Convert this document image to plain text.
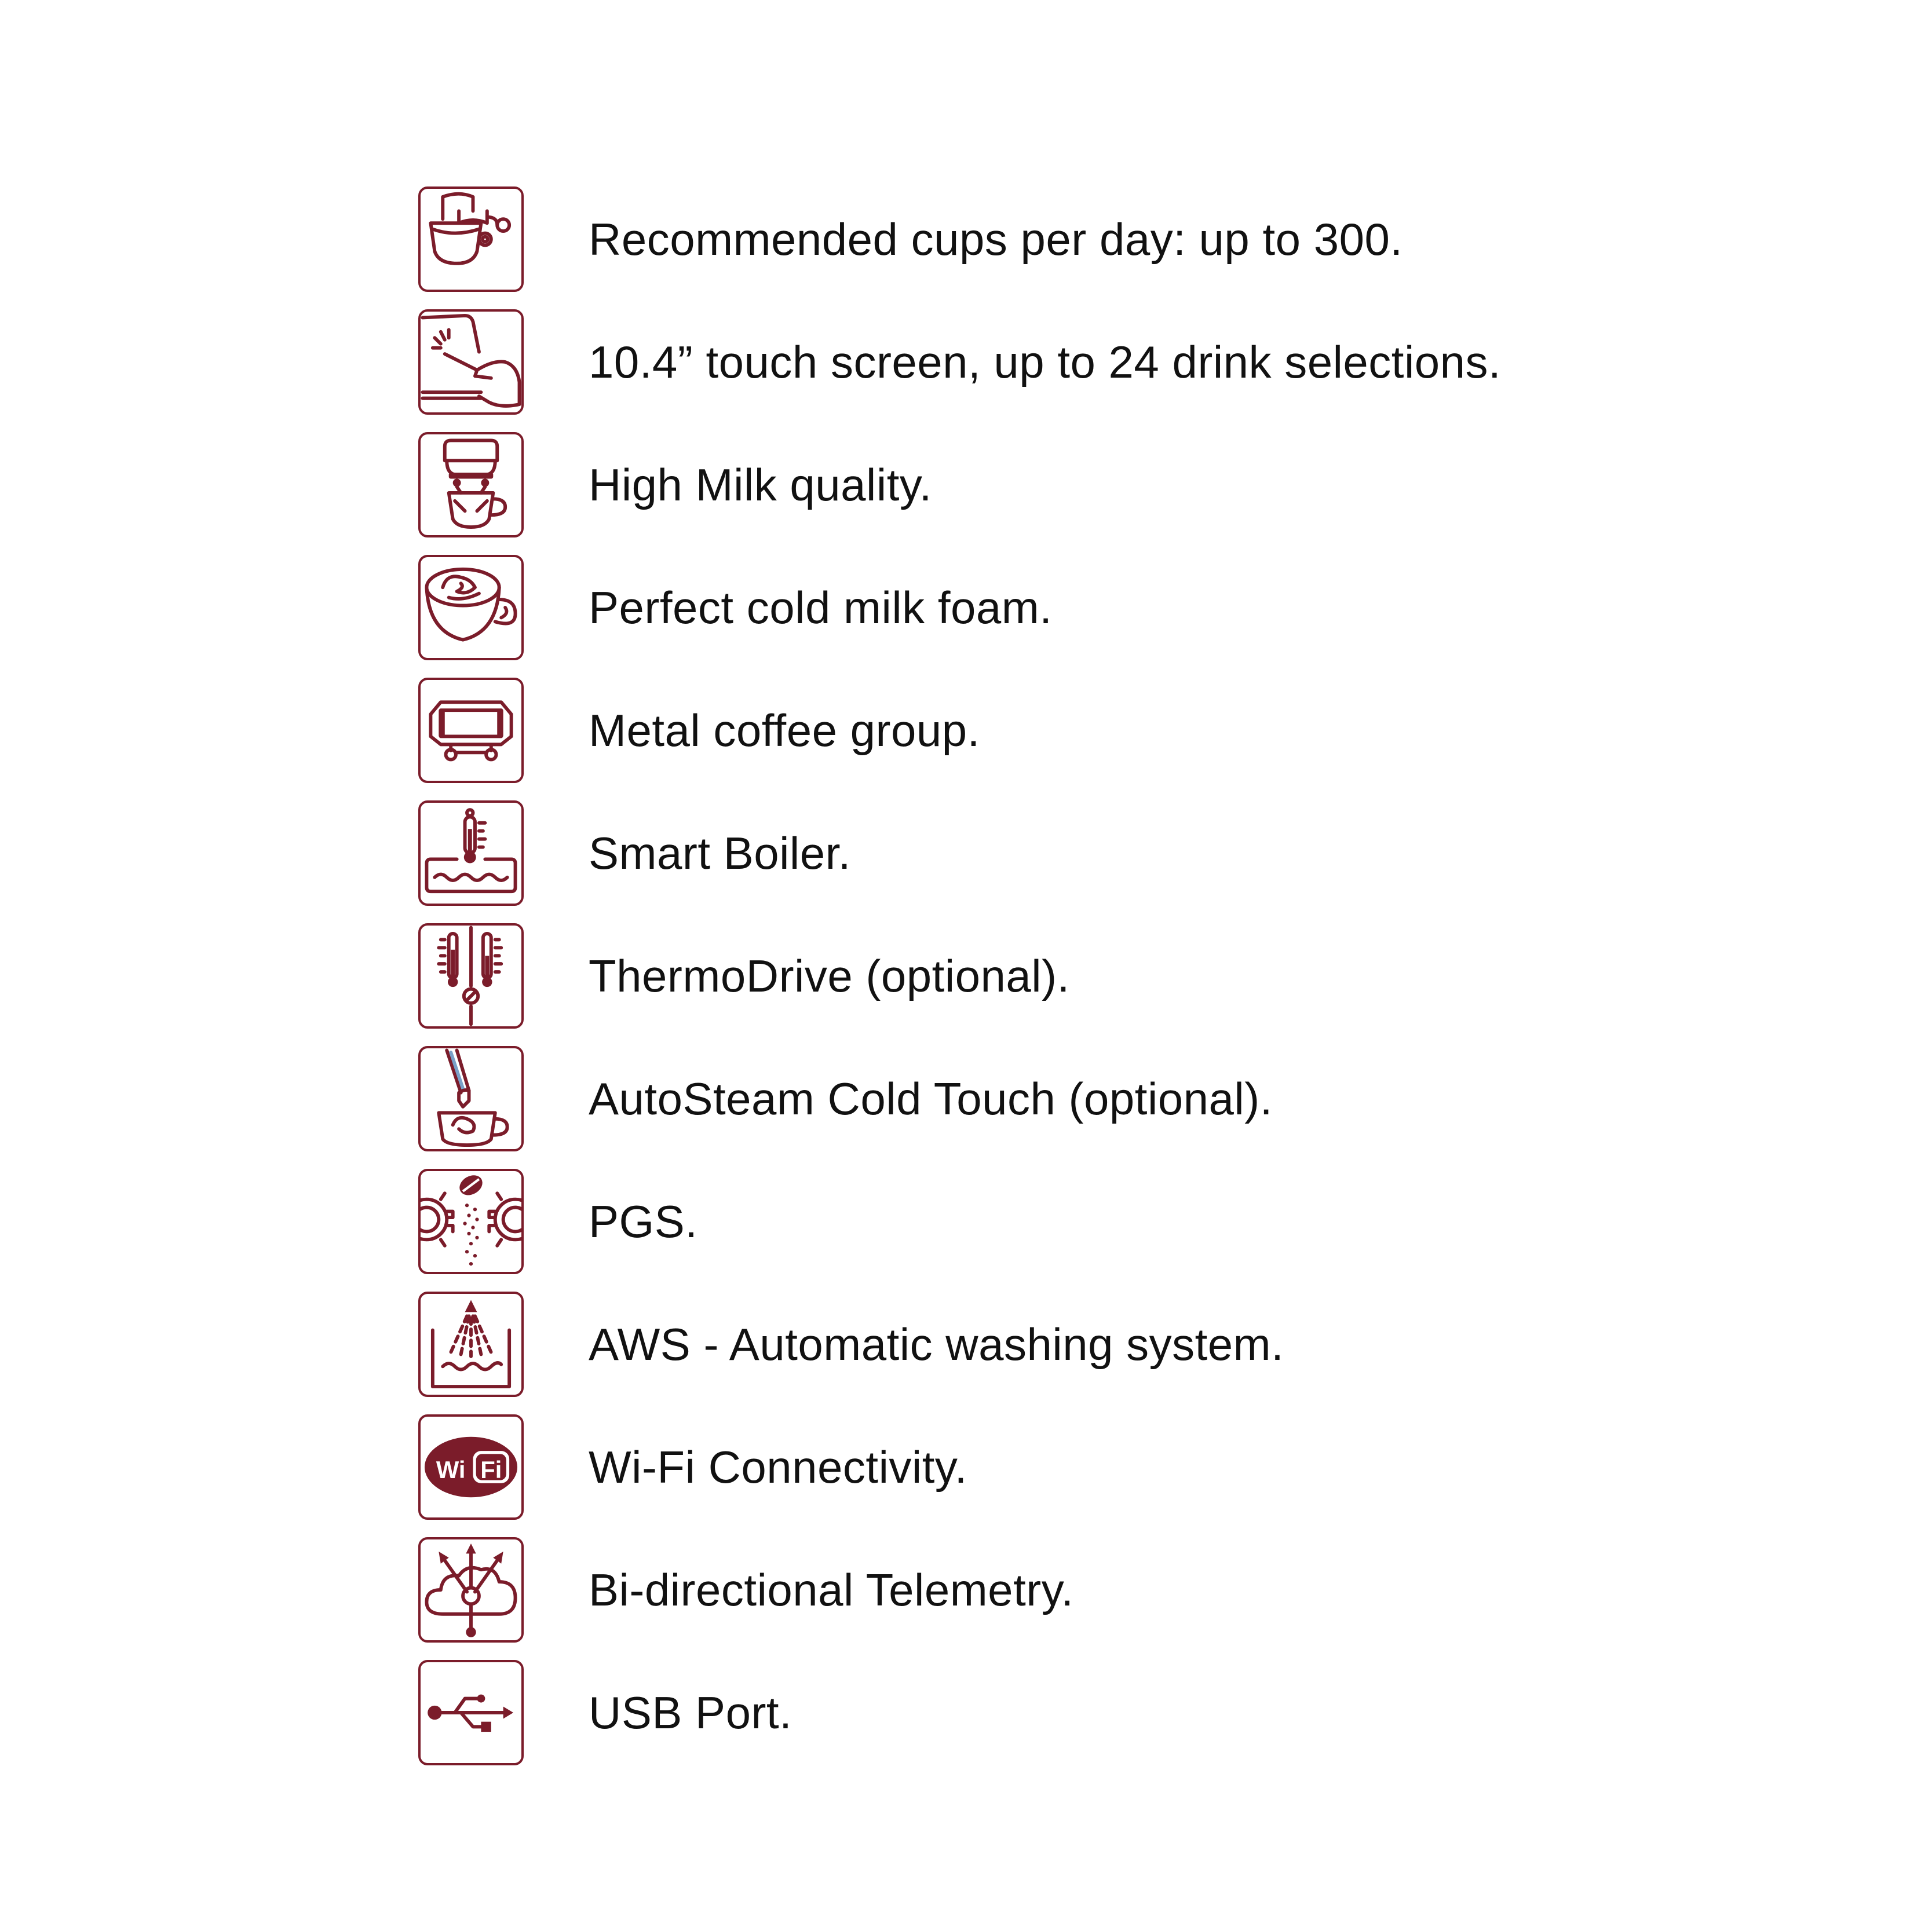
Recommended cups per day: up to 300.
10.4” touch screen, up to 24 drink selections.
High Milk quality.
Perfect cold milk foam.
Metal coffee group.
Smart Boiler.
ThermoDrive (optional).
AutoSteam Cold Touch (optional).
PGS.
AWS - Automatic washing system.
Wi Fi Wi-Fi Connectivity.
Bi-directional Telemetry.
USB Port.
